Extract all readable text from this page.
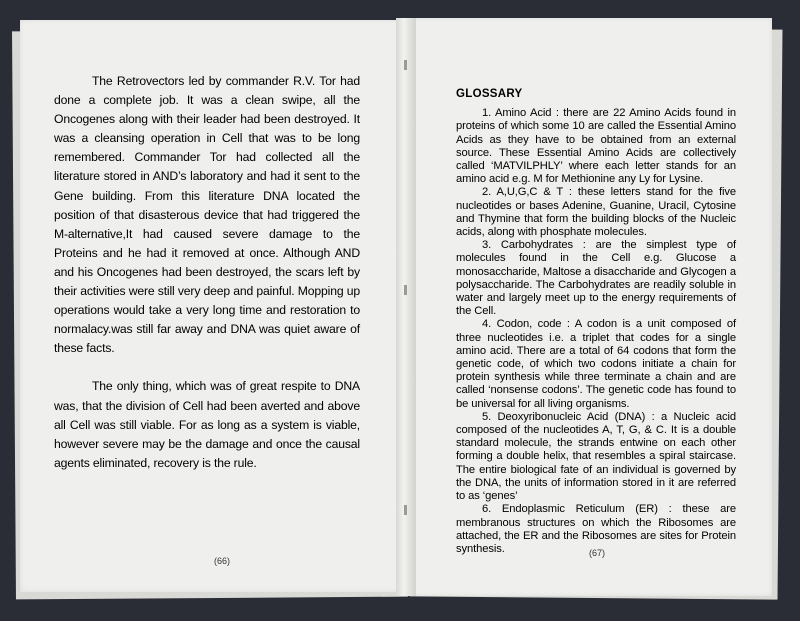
The Retrovectors led by commander R.V. Tor had done a complete job. It was a clean swipe, all the Oncogenes along with their leader had been destroyed. It was a cleansing operation in Cell that was to be long remembered. Commander Tor had collected all the literature stored in AND’s laboratory and had it sent to the Gene building. From this literature DNA located the position of that disasterous device that had triggered the M-alternative,It had caused severe damage to the Proteins and he had it removed at once. Although AND and his Oncogenes had been destroyed, the scars left by their activities were still very deep and painful. Mopping up operations would take a very long time and restoration to normalacy.was still far away and DNA was quiet aware of these facts.

The only thing, which was of great respite to DNA was, that the division of Cell had been averted and above all Cell was still viable. For as long as a system is viable, however severe may be the damage and once the causal agents eliminated, recovery is the rule.

(66)
GLOSSARY

1. Amino Acid : there are 22 Amino Acids found in proteins of which some 10 are called the Essential Amino Acids as they have to be obtained from an external source. These Essential Amino Acids are collectively called ‘MATVILPHLY’ where each letter stands for an amino acid e.g. M for Methionine any Ly for Lysine.

2. A,U,G,C & T : these letters stand for the five nucleotides or bases Adenine, Guanine, Uracil, Cytosine and Thymine that form the building blocks of the Nucleic acids, along with phosphate molecules.

3. Carbohydrates : are the simplest type of molecules found in the Cell e.g. Glucose a monosaccharide, Maltose a disaccharide and Glycogen a polysaccharide. The Carbohydrates are readily soluble in water and largely meet up to the energy requirements of the Cell.

4. Codon, code : A codon is a unit composed of three nucleotides i.e. a triplet that codes for a single amino acid. There are a total of 64 codons that form the genetic code, of which two codons initiate a chain for protein synthesis while three terminate a chain and are called ‘nonsense codons’. The genetic code has found to be universal for all living organisms.

5. Deoxyribonucleic Acid (DNA) : a Nucleic acid composed of the nucleotides A, T, G, & C. It is a double standard molecule, the strands entwine on each other forming a double helix, that resembles a spiral staircase. The entire biological fate of an individual is governed by the DNA, the units of information stored in it are referred to as ‘genes’

6. Endoplasmic Reticulum (ER) : these are membranous structures on which the Ribosomes are attached, the ER and the Ribosomes are sites for Protein synthesis.	(67)
